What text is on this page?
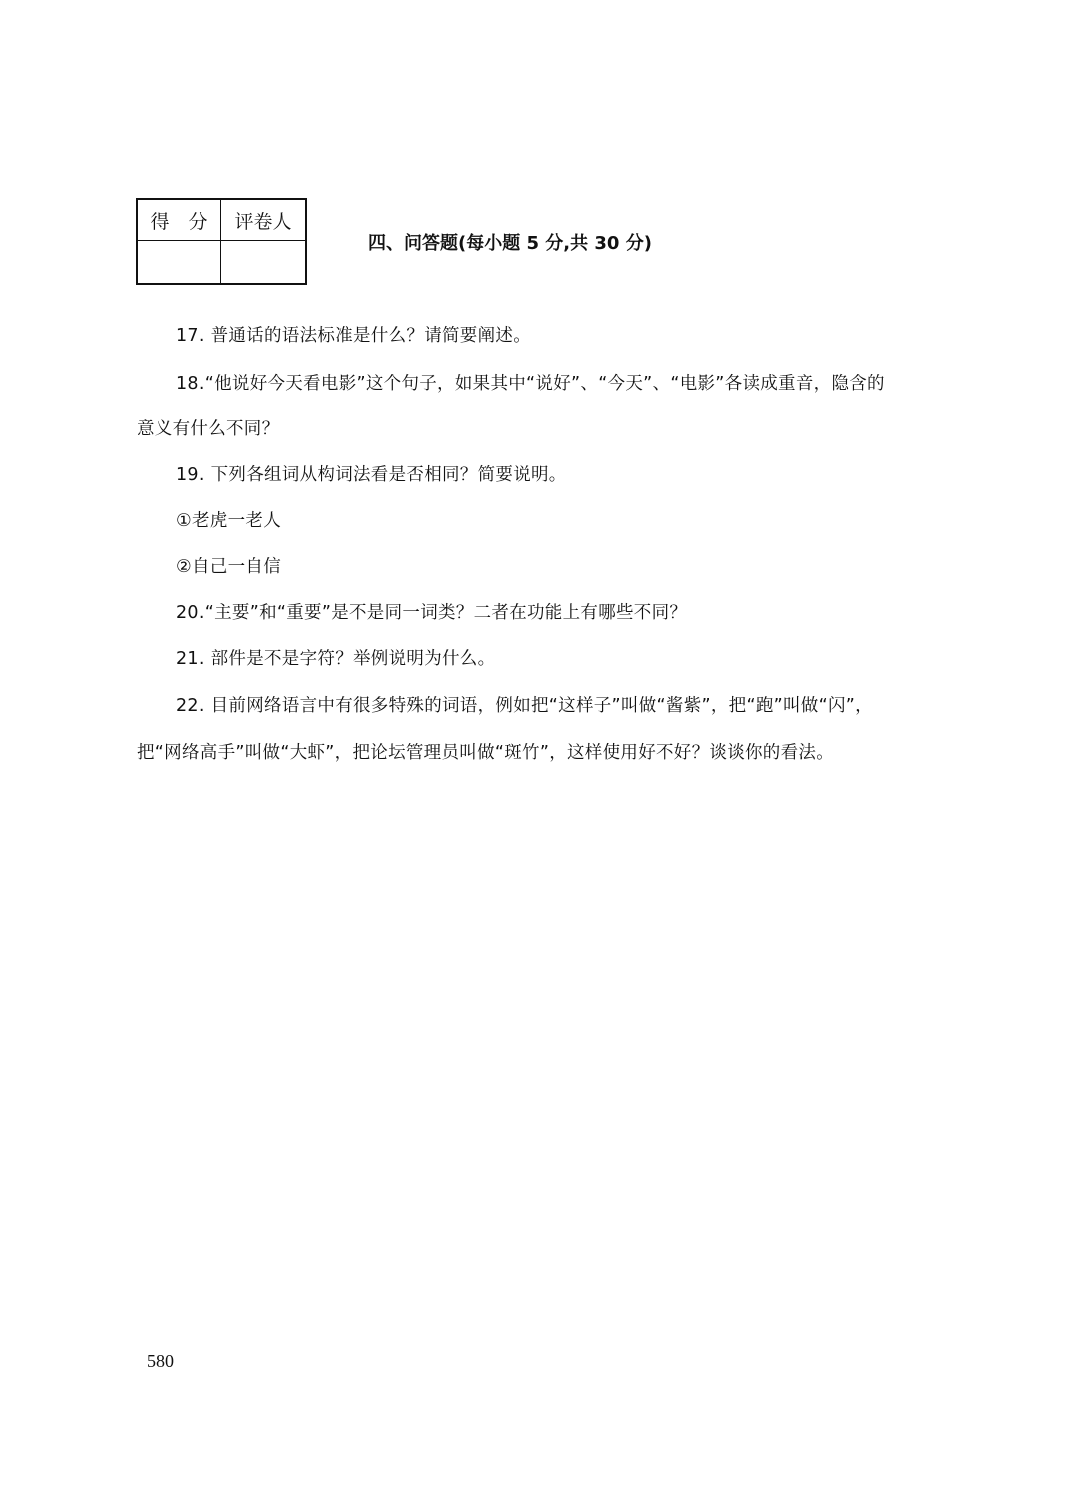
得　分	评卷人

四、问答题(每小题 5 分,共 30 分)
17. 普通话的语法标准是什么？请简要阐述。
18.“他说好今天看电影”这个句子，如果其中“说好”、“今天”、“电影”各读成重音，隐含的
意义有什么不同？
19. 下列各组词从构词法看是否相同？简要说明。
①老虎一老人
②自己一自信
20.“主要”和“重要”是不是同一词类？二者在功能上有哪些不同？
21. 部件是不是字符？举例说明为什么。
22. 目前网络语言中有很多特殊的词语，例如把“这样子”叫做“酱紫”，把“跑”叫做“闪”，
把“网络高手”叫做“大虾”，把论坛管理员叫做“斑竹”，这样使用好不好？谈谈你的看法。
580
